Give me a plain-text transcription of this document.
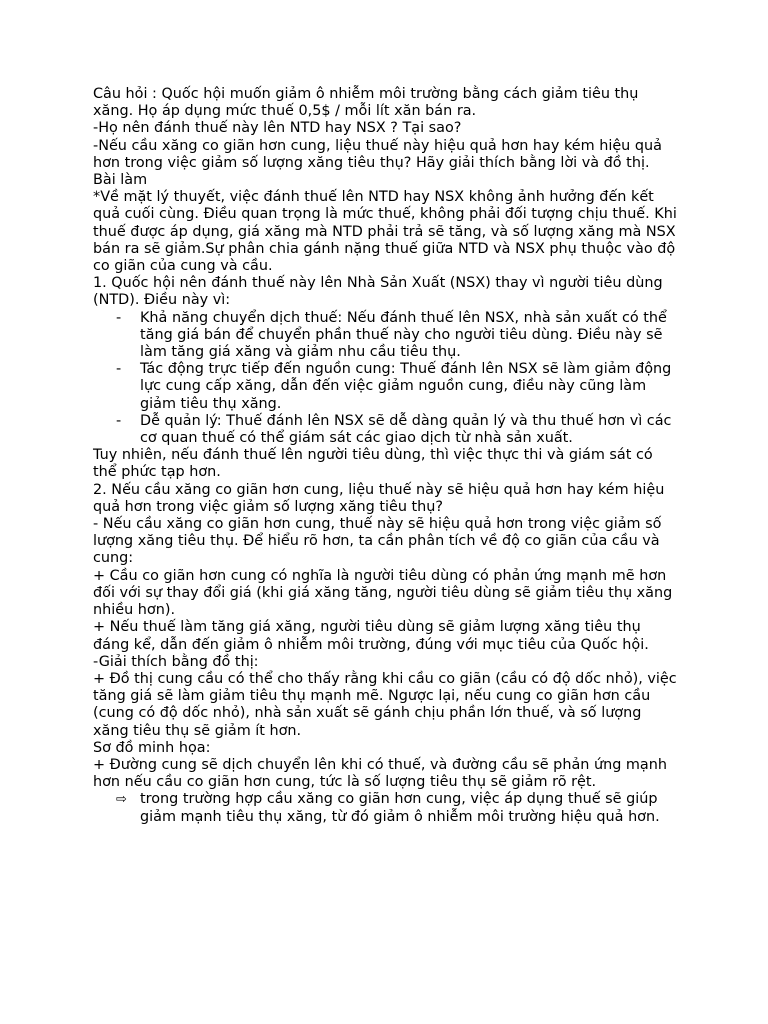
Câu hỏi : Quốc hội muốn giảm ô nhiễm môi trường bằng cách giảm tiêu thụ xăng. Họ áp dụng mức thuế 0,5$ / mỗi lít xăn bán ra.

-Họ nên đánh thuế này lên NTD hay NSX ? Tại sao?

-Nếu cầu xăng co giãn hơn cung, liệu thuế này hiệu quả hơn hay kém hiệu quả hơn trong việc giảm số lượng xăng tiêu thụ? Hãy giải thích bằng lời và đồ thị.

Bài làm

*Về mặt lý thuyết, việc đánh thuế lên NTD hay NSX không ảnh hưởng đến kết quả cuối cùng. Điều quan trọng là mức thuế, không phải đối tượng chịu thuế. Khi thuế được áp dụng, giá xăng mà NTD phải trả sẽ tăng, và số lượng xăng mà NSX bán ra sẽ giảm.Sự phân chia gánh nặng thuế giữa NTD và NSX phụ thuộc vào độ co giãn của cung và cầu.

1. Quốc hội nên đánh thuế này lên Nhà Sản Xuất (NSX) thay vì người tiêu dùng (NTD). Điều này vì:

- Khả năng chuyển dịch thuế: Nếu đánh thuế lên NSX, nhà sản xuất có thể tăng giá bán để chuyển phần thuế này cho người tiêu dùng. Điều này sẽ làm tăng giá xăng và giảm nhu cầu tiêu thụ.
- Tác động trực tiếp đến nguồn cung: Thuế đánh lên NSX sẽ làm giảm động lực cung cấp xăng, dẫn đến việc giảm nguồn cung, điều này cũng làm giảm tiêu thụ xăng.
- Dễ quản lý: Thuế đánh lên NSX sẽ dễ dàng quản lý và thu thuế hơn vì các cơ quan thuế có thể giám sát các giao dịch từ nhà sản xuất.

Tuy nhiên, nếu đánh thuế lên người tiêu dùng, thì việc thực thi và giám sát có thể phức tạp hơn.

2. Nếu cầu xăng co giãn hơn cung, liệu thuế này sẽ hiệu quả hơn hay kém hiệu quả hơn trong việc giảm số lượng xăng tiêu thụ?

- Nếu cầu xăng co giãn hơn cung, thuế này sẽ hiệu quả hơn trong việc giảm số lượng xăng tiêu thụ. Để hiểu rõ hơn, ta cần phân tích về độ co giãn của cầu và cung:

+ Cầu co giãn hơn cung có nghĩa là người tiêu dùng có phản ứng mạnh mẽ hơn đối với sự thay đổi giá (khi giá xăng tăng, người tiêu dùng sẽ giảm tiêu thụ xăng nhiều hơn).

+ Nếu thuế làm tăng giá xăng, người tiêu dùng sẽ giảm lượng xăng tiêu thụ đáng kể, dẫn đến giảm ô nhiễm môi trường, đúng với mục tiêu của Quốc hội.

-Giải thích bằng đồ thị:

+ Đồ thị cung cầu có thể cho thấy rằng khi cầu co giãn (cầu có độ dốc nhỏ), việc tăng giá sẽ làm giảm tiêu thụ mạnh mẽ. Ngược lại, nếu cung co giãn hơn cầu (cung có độ dốc nhỏ), nhà sản xuất sẽ gánh chịu phần lớn thuế, và số lượng xăng tiêu thụ sẽ giảm ít hơn.

Sơ đồ minh họa:

+ Đường cung sẽ dịch chuyển lên khi có thuế, và đường cầu sẽ phản ứng mạnh hơn nếu cầu co giãn hơn cung, tức là số lượng tiêu thụ sẽ giảm rõ rệt.

⇨ trong trường hợp cầu xăng co giãn hơn cung, việc áp dụng thuế sẽ giúp giảm mạnh tiêu thụ xăng, từ đó giảm ô nhiễm môi trường hiệu quả hơn.
